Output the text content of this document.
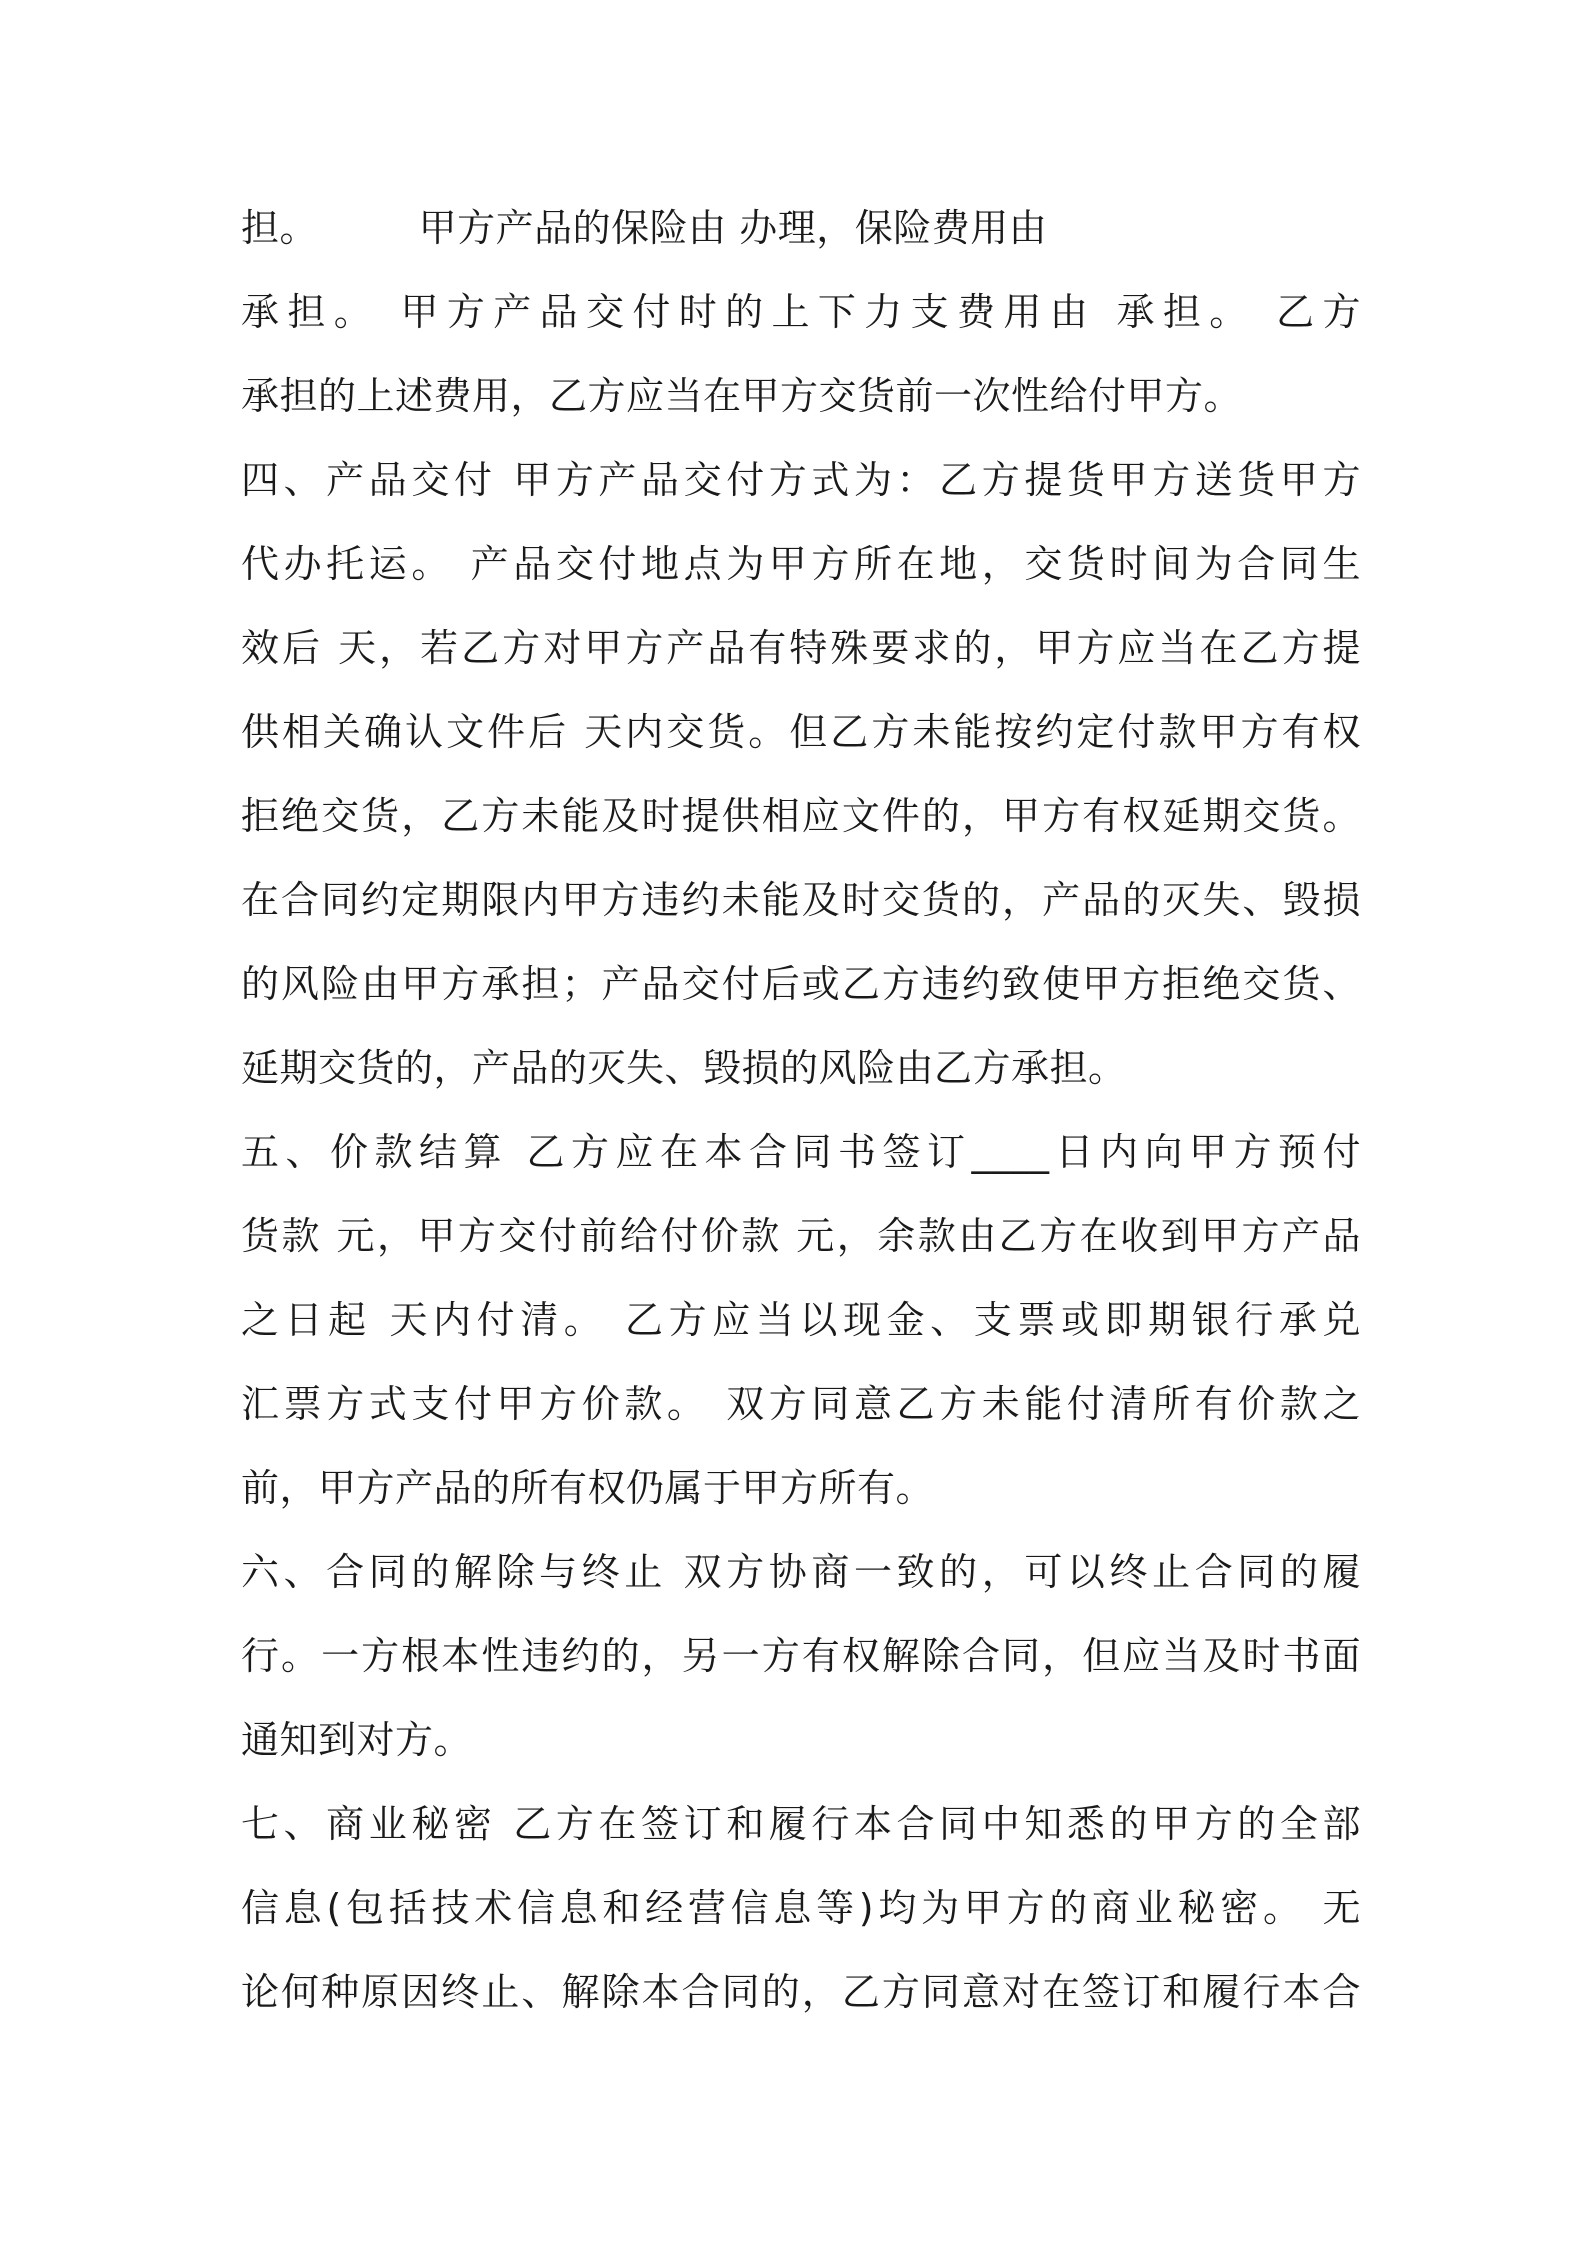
担。        甲方产品的保险由 办理，保险费用由
承担。 甲方产品交付时的上下力支费用由 承担。 乙方
承担的上述费用，乙方应当在甲方交货前一次性给付甲方。
四、产品交付 甲方产品交付方式为：乙方提货甲方送货甲方
代办托运。 产品交付地点为甲方所在地，交货时间为合同生
效后 天，若乙方对甲方产品有特殊要求的，甲方应当在乙方提
供相关确认文件后 天内交货。但乙方未能按约定付款甲方有权
拒绝交货，乙方未能及时提供相应文件的，甲方有权延期交货。
在合同约定期限内甲方违约未能及时交货的，产品的灭失、毁损
的风险由甲方承担；产品交付后或乙方违约致使甲方拒绝交货、
延期交货的，产品的灭失、毁损的风险由乙方承担。
五、价款结算 乙方应在本合同书签订____日内向甲方预付
货款 元，甲方交付前给付价款 元，余款由乙方在收到甲方产品
之日起 天内付清。 乙方应当以现金、支票或即期银行承兑
汇票方式支付甲方价款。 双方同意乙方未能付清所有价款之
前，甲方产品的所有权仍属于甲方所有。
六、合同的解除与终止 双方协商一致的，可以终止合同的履
行。一方根本性违约的，另一方有权解除合同，但应当及时书面
通知到对方。
七、商业秘密 乙方在签订和履行本合同中知悉的甲方的全部
信息(包括技术信息和经营信息等)均为甲方的商业秘密。 无
论何种原因终止、解除本合同的，乙方同意对在签订和履行本合
